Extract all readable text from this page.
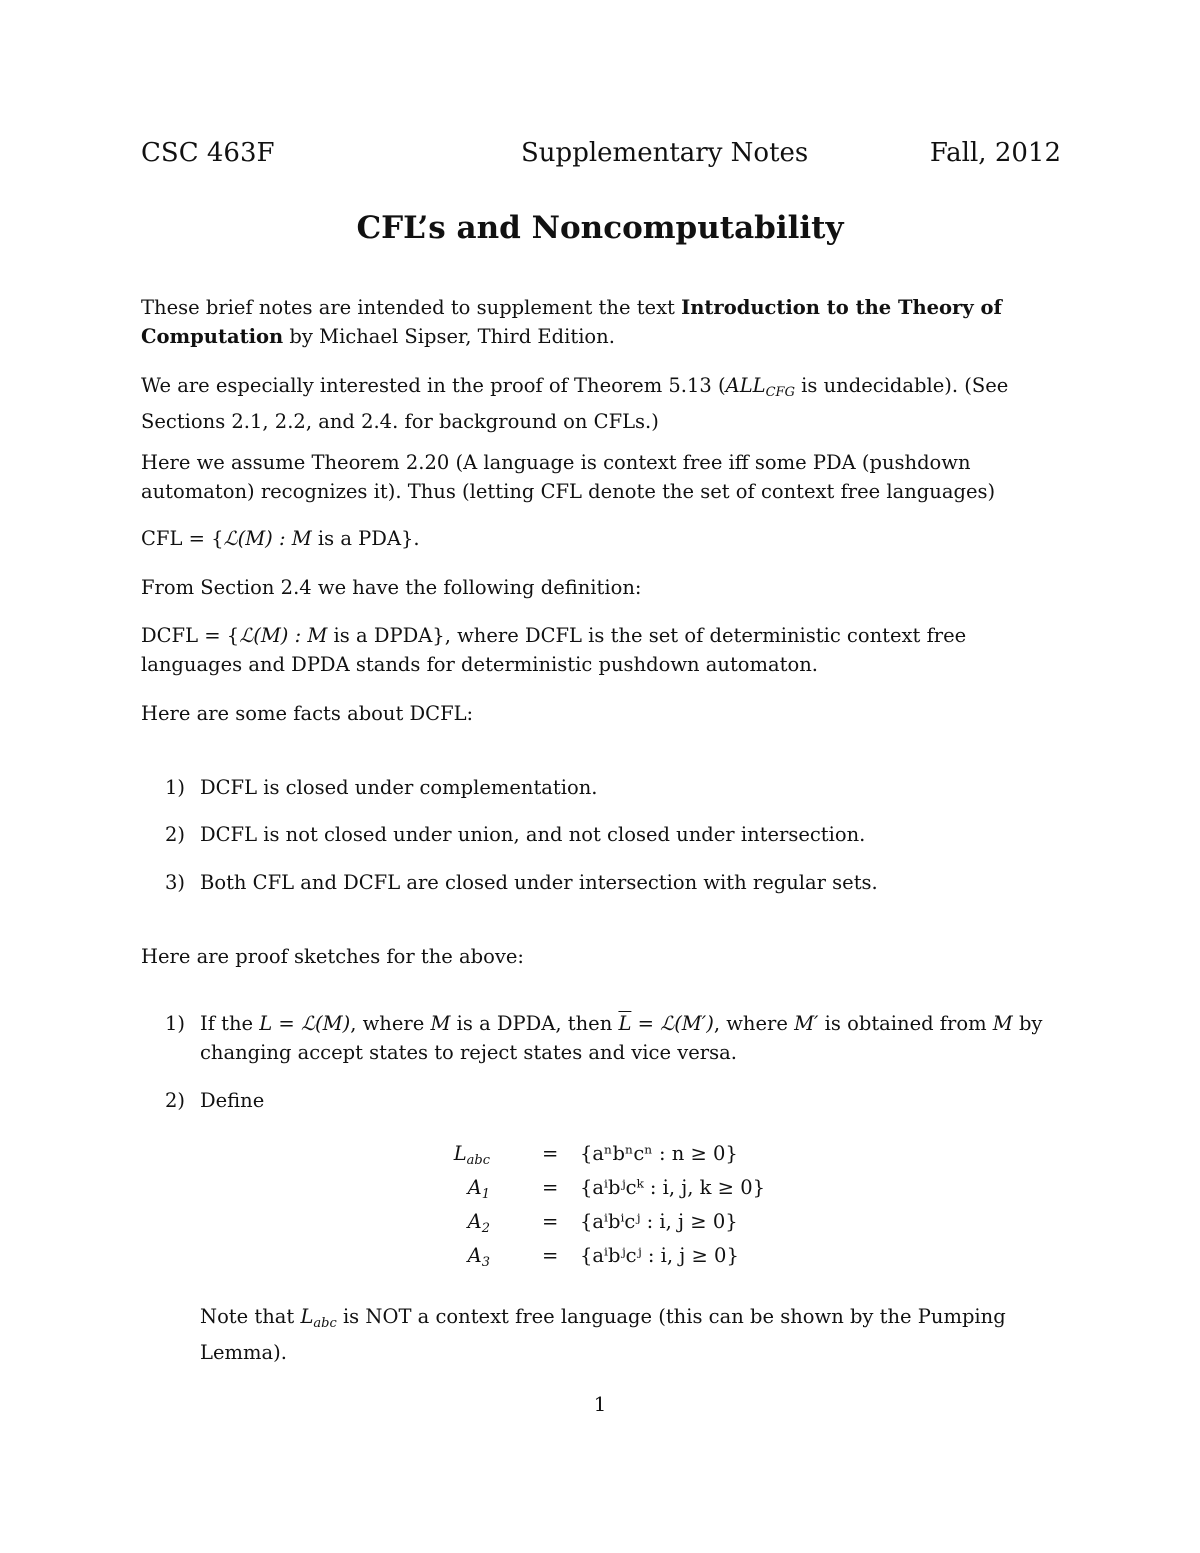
CSC 463F	Supplementary Notes	Fall, 2012
CFL’s and Noncomputability
These brief notes are intended to supplement the text Introduction to the Theory of Computation by Michael Sipser, Third Edition.
We are especially interested in the proof of Theorem 5.13 ($ALL_{CFG}$ is undecidable). (See Sections 2.1, 2.2, and 2.4. for background on CFLs.)
Here we assume Theorem 2.20 (A language is context free iff some PDA (pushdown automaton) recognizes it). Thus (letting CFL denote the set of context free languages)
CFL = {ℒ(M) : M is a PDA}.
From Section 2.4 we have the following definition:
DCFL = {ℒ(M) : M is a DPDA}, where DCFL is the set of deterministic context free languages and DPDA stands for deterministic pushdown automaton.
Here are some facts about DCFL:
1) DCFL is closed under complementation.
2) DCFL is not closed under union, and not closed under intersection.
3) Both CFL and DCFL are closed under intersection with regular sets.
Here are proof sketches for the above:
1) If the L = ℒ(M), where M is a DPDA, then $\overline{L}$ = ℒ(M′), where M′ is obtained from M by changing accept states to reject states and vice versa.
2) Define
$L_{abc}$	= {aⁿbⁿcⁿ : n ≥ 0}
$A_1$	= {aⁱbʲcᵏ : i, j, k ≥ 0}
$A_2$	= {aⁱbⁱcʲ : i, j ≥ 0}
$A_3$	= {aⁱbʲcʲ : i, j ≥ 0}
Note that $L_{abc}$ is NOT a context free language (this can be shown by the Pumping Lemma).
1
